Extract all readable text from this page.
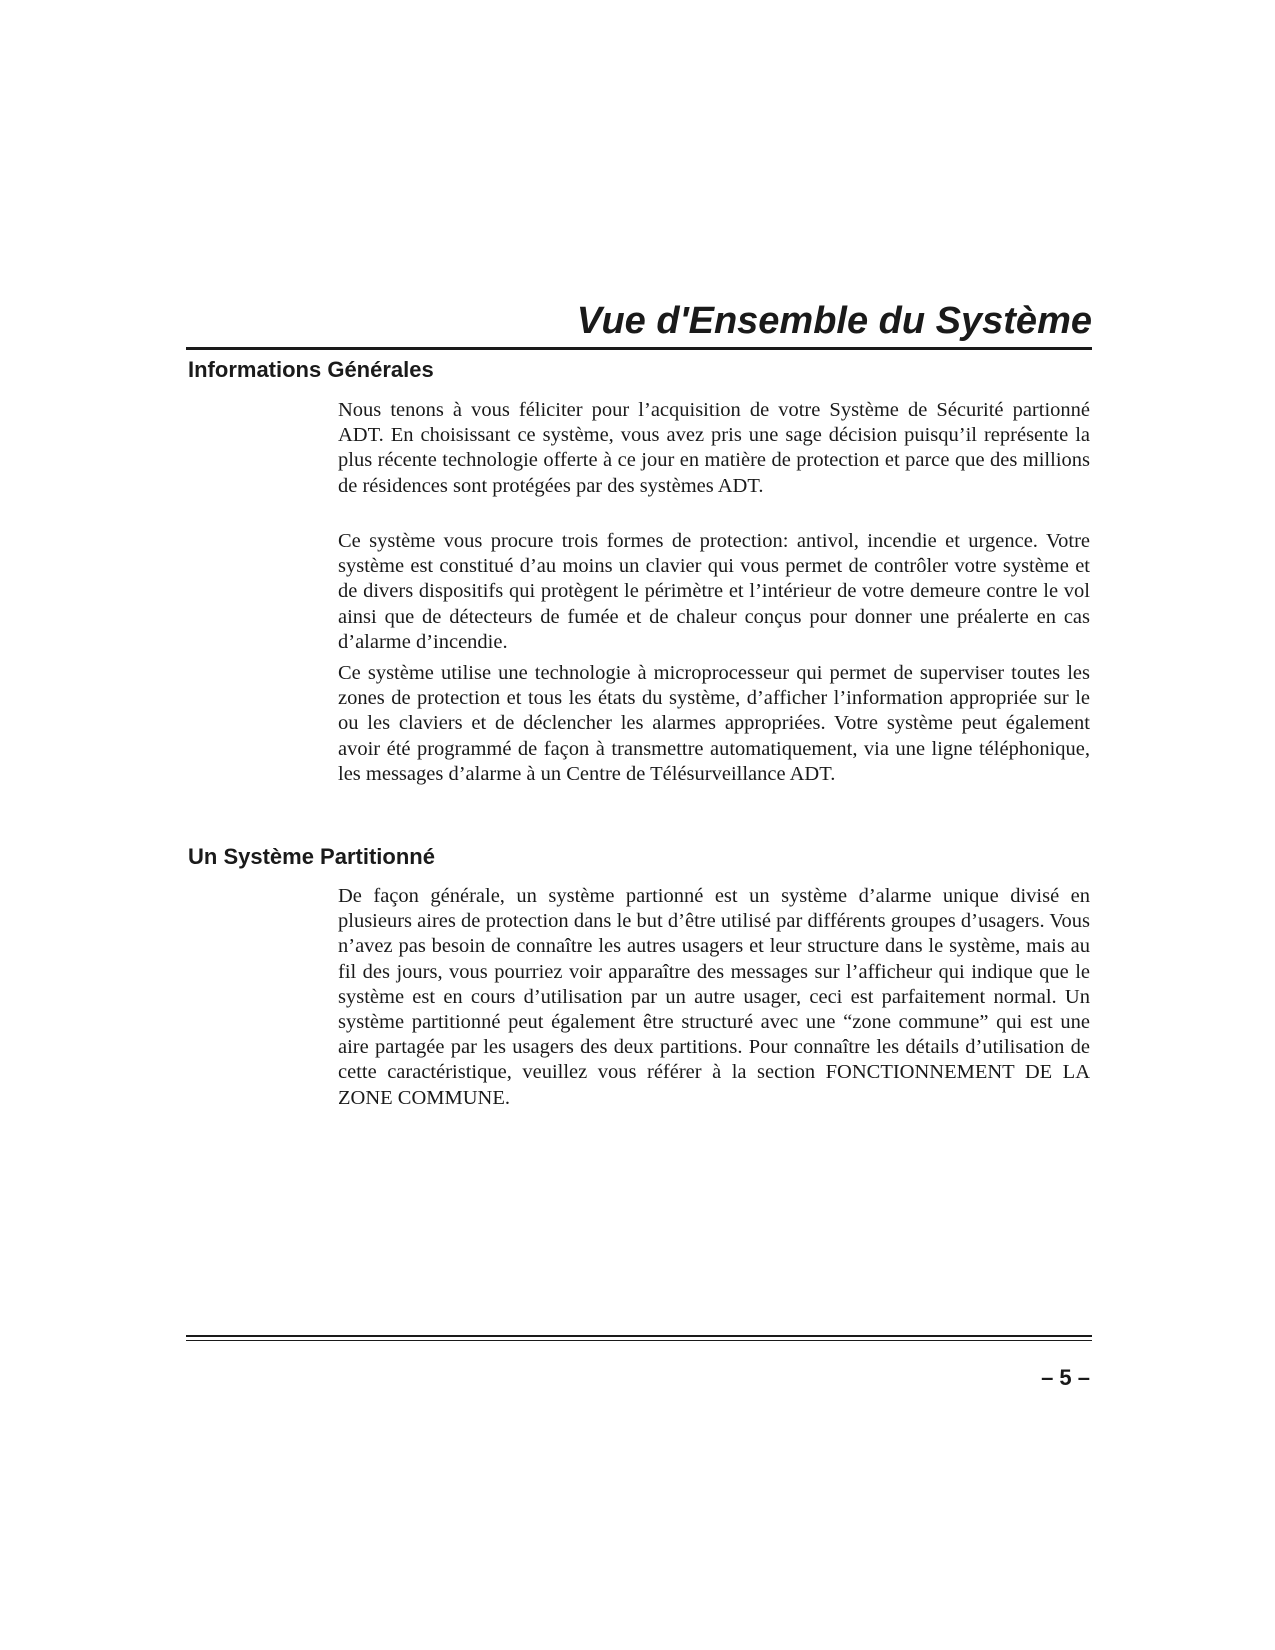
Vue d'Ensemble du Système
Informations Générales

Nous tenons à vous féliciter pour l’acquisition de votre Système de Sécurité partionné ADT. En choisissant ce système, vous avez pris une sage décision puisqu’il représente la plus récente technologie offerte à ce jour en matière de protection et parce que des millions de résidences sont protégées par des systèmes ADT.

Ce système vous procure trois formes de protection: antivol, incendie et urgence. Votre système est constitué d’au moins un clavier qui vous permet de contrôler votre système et de divers dispositifs qui protègent le périmètre et l’intérieur de votre demeure contre le vol ainsi que de détecteurs de fumée et de chaleur conçus pour donner une préalerte en cas d’alarme d’incendie.

Ce système utilise une technologie à microprocesseur qui permet de superviser toutes les zones de protection et tous les états du système, d’afficher l’information appropriée sur le ou les claviers et de déclencher les alarmes appropriées. Votre système peut également avoir été programmé de façon à transmettre automatiquement, via une ligne téléphonique, les messages d’alarme à un Centre de Télésurveillance ADT.

Un Système Partitionné

De façon générale, un système partionné est un système d’alarme unique divisé en plusieurs aires de protection dans le but d’être utilisé par différents groupes d’usagers. Vous n’avez pas besoin de connaître les autres usagers et leur structure dans le système, mais au fil des jours, vous pourriez voir apparaître des messages sur l’afficheur qui indique que le système est en cours d’utilisation par un autre usager, ceci est parfaitement normal. Un système partitionné peut également être structuré avec une “zone commune” qui est une aire partagée par les usagers des deux partitions. Pour connaître les détails d’utilisation de cette caractéristique, veuillez vous référer à la section FONCTIONNEMENT DE LA ZONE COMMUNE.

– 5 –
